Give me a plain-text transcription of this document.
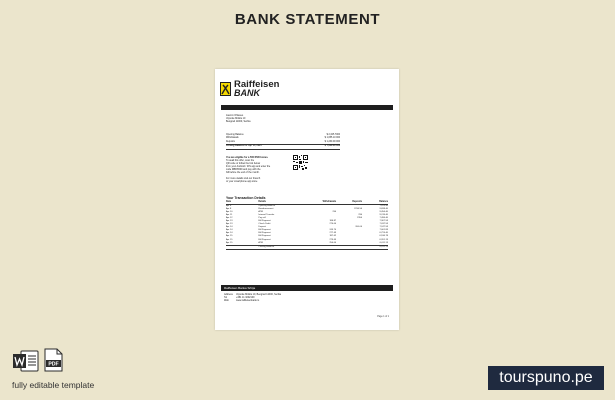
BANK STATEMENT
Raiffeisen
BANK
Jasmin Ohlanes
Vojvode Mišića 10
Beograd 11000, Serbia
Opening Balance	$ 2,345.7000
Withdrawals	$ 1,055.10 000
Deposits	$ 1,230.00 000
Closing Balance for Apr 15, 2021	$ 7,520.60 000
You are eligible for a 500 RSD bonus.
To avail this offer, scan the
QR code or follow the link below
from your Android / iOS app and enter the
code RBRS500 and pay with the
bill before the end of the month.
For more details visit our branch
or your smartphone app store
Your Transaction Details
Date	Details	Withdrawals	Deposits	Balance
Apr 8	Opening Balance			7,475.90
Apr 8	Rembursement		2234.50	9,698.40
Apr 10	ATM	250		9,454.40
Apr 11	Internal Transfer		290	9,744.40
Apr 12	Pay roll		2350	7,494.40
Apr 13	Bill Payment	186.87		7,307.53
Apr 13	Check Debit	270.00		7,037.53
Apr 14	Deposit		200.00	7,247.53
Apr 14	Bill Payment	245.70		7,001.83
Apr 14	Bill Payment	277.43		6,724.40
Apr 15	Bill Payment	187.62		6,536.78
Apr 15	Bill Payment	275.65		6,261.13
Apr 15	ATM	250.00		6,011.13
	Closing Balance			6,011.13
Raiffeisen Banka Srbija
Address Vojvode Mišića 10, Beograd 11000, Serbia
Tel	+381 11 3202100
Web	www.raiffeisenbank.rs
Page 1 of 1
PDF
fully editable template	tourspuno.pe
